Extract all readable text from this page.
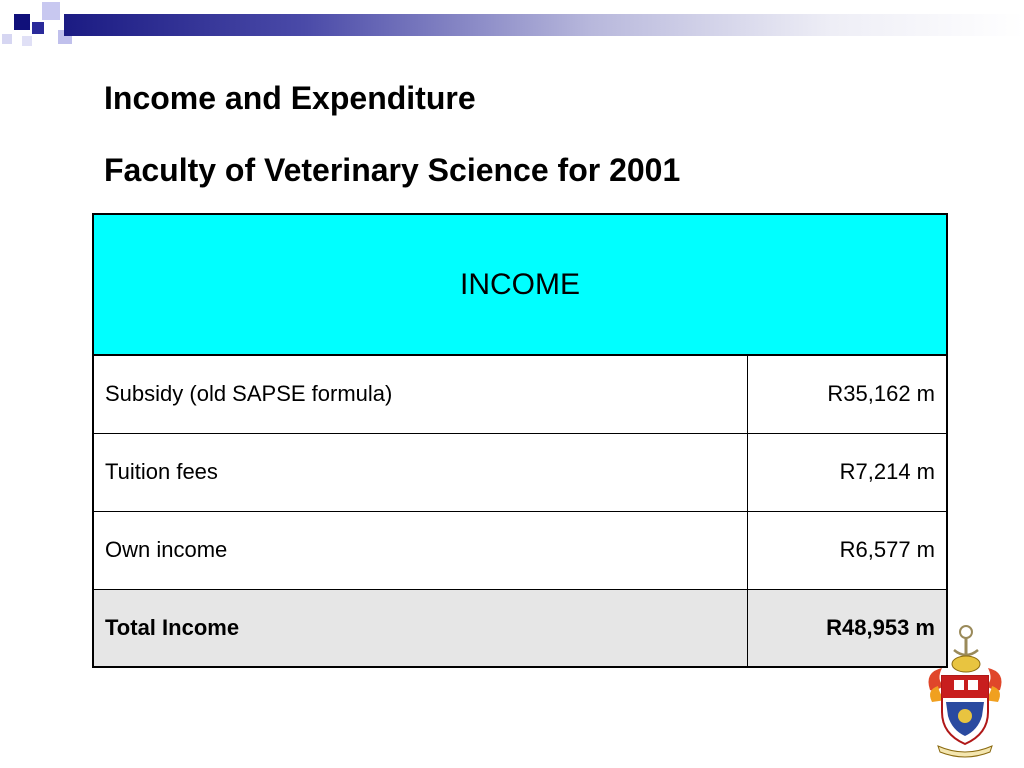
Income and Expenditure
Faculty of Veterinary Science for 2001
INCOME	
Subsidy (old SAPSE formula)	R35,162 m
Tuition fees	R7,214 m
Own income	R6,577 m
Total Income	R48,953 m
